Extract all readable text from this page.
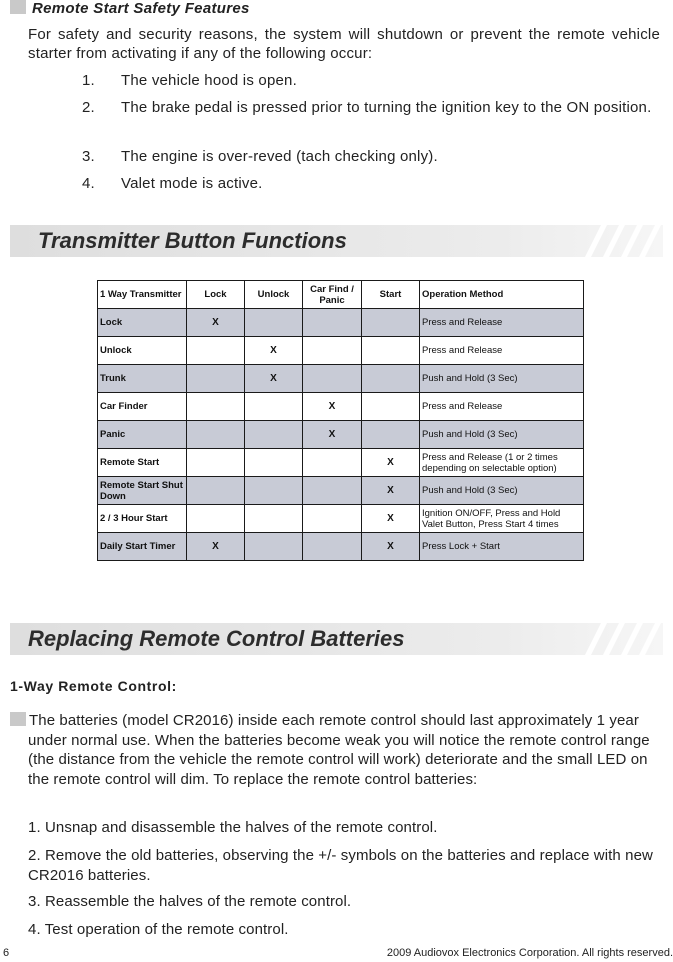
Remote Start Safety Features
For safety and security reasons, the system will shutdown or prevent the remote vehicle starter from activating if any of the following occur:
1. The vehicle hood is open.
2. The brake pedal is pressed prior to turning the ignition key to the ON position.
3. The engine is over-reved (tach checking only).
4. Valet mode is active.
Transmitter Button Functions
1 Way Transmitter	Lock	Unlock	Car Find / Panic	Start	Operation Method
Lock	X				Press and Release
Unlock		X			Press and Release
Trunk		X			Push and Hold (3 Sec)
Car Finder			X		Press and Release
Panic			X		Push and Hold (3 Sec)
Remote Start				X	Press and Release (1 or 2 times depending on selectable option)
Remote Start Shut Down				X	Push and Hold (3 Sec)
2 / 3 Hour Start				X	Ignition ON/OFF, Press and Hold Valet Button, Press Start 4 times
Daily Start Timer	X			X	Press Lock + Start
Replacing Remote Control Batteries
1-Way Remote Control:
The batteries (model CR2016) inside each remote control should last approximately 1 year under normal use. When the batteries become weak you will notice the remote control range (the distance from the vehicle the remote control will work) deteriorate and the small LED on the remote control will dim. To replace the remote control batteries:
1. Unsnap and disassemble the halves of the remote control.
2. Remove the old batteries, observing the +/- symbols on the batteries and replace with new CR2016 batteries.
3. Reassemble the halves of the remote control.
4. Test operation of the remote control.
6	2009 Audiovox Electronics Corporation. All rights reserved.
